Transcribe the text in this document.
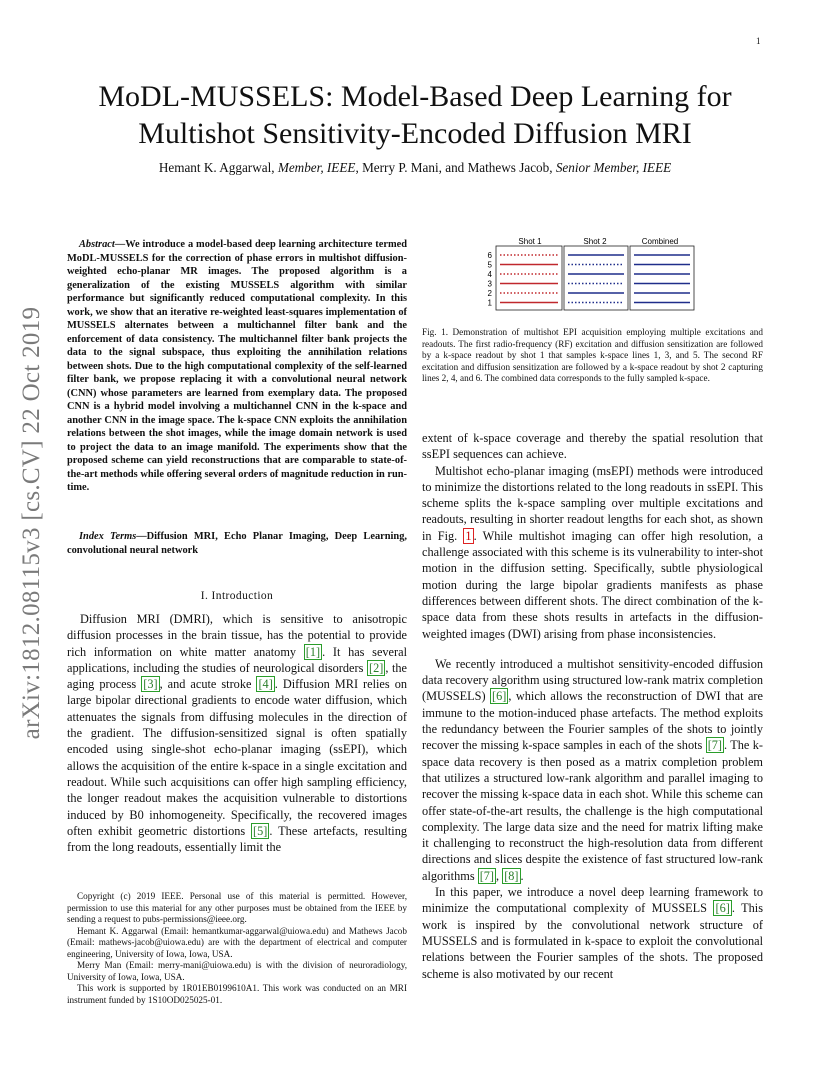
1
arXiv:1812.08115v3 [cs.CV] 22 Oct 2019
MoDL-MUSSELS: Model-Based Deep Learning for Multishot Sensitivity-Encoded Diffusion MRI
Hemant K. Aggarwal, Member, IEEE, Merry P. Mani, and Mathews Jacob, Senior Member, IEEE
Abstract—We introduce a model-based deep learning architecture termed MoDL-MUSSELS for the correction of phase errors in multishot diffusion-weighted echo-planar MR images. The proposed algorithm is a generalization of the existing MUSSELS algorithm with similar performance but significantly reduced computational complexity. In this work, we show that an iterative re-weighted least-squares implementation of MUSSELS alternates between a multichannel filter bank and the enforcement of data consistency. The multichannel filter bank projects the data to the signal subspace, thus exploiting the annihilation relations between shots. Due to the high computational complexity of the self-learned filter bank, we propose replacing it with a convolutional neural network (CNN) whose parameters are learned from exemplary data. The proposed CNN is a hybrid model involving a multichannel CNN in the k-space and another CNN in the image space. The k-space CNN exploits the annihilation relations between the shot images, while the image domain network is used to project the data to an image manifold. The experiments show that the proposed scheme can yield reconstructions that are comparable to state-of-the-art methods while offering several orders of magnitude reduction in run-time.
Index Terms—Diffusion MRI, Echo Planar Imaging, Deep Learning, convolutional neural network
I. Introduction

Diffusion MRI (DMRI), which is sensitive to anisotropic diffusion processes in the brain tissue, has the potential to provide rich information on white matter anatomy [1] . It has several applications, including the studies of neurological disorders [2] , the aging process [3] , and acute stroke [4] . Diffusion MRI relies on large bipolar directional gradients to encode water diffusion, which attenuates the signals from diffusing molecules in the direction of the gradient. The diffusion-sensitized signal is often spatially encoded using single-shot echo-planar imaging (ssEPI), which allows the acquisition of the entire k-space in a single excitation and readout. While such acquisitions can offer high sampling efficiency, the longer readout makes the acquisition vulnerable to distortions induced by B0 inhomogeneity. Specifically, the recovered images often exhibit geometric distortions [5] . These artefacts, resulting from the long readouts, essentially limit the

Copyright (c) 2019 IEEE. Personal use of this material is permitted. However, permission to use this material for any other purposes must be obtained from the IEEE by sending a request to pubs-permissions@ieee.org.

Hemant K. Aggarwal (Email: hemantkumar-aggarwal@uiowa.edu) and Mathews Jacob (Email: mathews-jacob@uiowa.edu) are with the department of electrical and computer engineering, University of Iowa, Iowa, USA.

Merry Man (Email: merry-mani@uiowa.edu) is with the division of neuroradiology, University of Iowa, Iowa, USA.

This work is supported by 1R01EB0199610A1. This work was conducted on an MRI instrument funded by 1S10OD025025-01.

Shot 1	Shot 2	Combined
6
5
4
3
2
1
Fig. 1. Demonstration of multishot EPI acquisition employing multiple excitations and readouts. The first radio-frequency (RF) excitation and diffusion sensitization are followed by a k-space readout by shot 1 that samples k-space lines 1, 3, and 5. The second RF excitation and diffusion sensitization are followed by a k-space readout by shot 2 capturing lines 2, 4, and 6. The combined data corresponds to the fully sampled k-space.

extent of k-space coverage and thereby the spatial resolution that ssEPI sequences can achieve.

Multishot echo-planar imaging (msEPI) methods were introduced to minimize the distortions related to the long readouts in ssEPI. This scheme splits the k-space sampling over multiple excitations and readouts, resulting in shorter readout lengths for each shot, as shown in Fig. 1 . While multishot imaging can offer high resolution, a challenge associated with this scheme is its vulnerability to inter-shot motion in the diffusion setting. Specifically, subtle physiological motion during the large bipolar gradients manifests as phase differences between different shots. The direct combination of the k-space data from these shots results in artefacts in the diffusion-weighted images (DWI) arising from phase inconsistencies.

We recently introduced a multishot sensitivity-encoded diffusion data recovery algorithm using structured low-rank matrix completion (MUSSELS) [6] , which allows the reconstruction of DWI that are immune to the motion-induced phase artefacts. The method exploits the redundancy between the Fourier samples of the shots to jointly recover the missing k-space samples in each of the shots [7] . The k-space data recovery is then posed as a matrix completion problem that utilizes a structured low-rank algorithm and parallel imaging to recover the missing k-space data in each shot. While this scheme can offer state-of-the-art results, the challenge is the high computational complexity. The large data size and the need for matrix lifting make it challenging to reconstruct the high-resolution data from different directions and slices despite the existence of fast structured low-rank algorithms [7] , [8] .

In this paper, we introduce a novel deep learning framework to minimize the computational complexity of MUSSELS [6] . This work is inspired by the convolutional network structure of MUSSELS and is formulated in k-space to exploit the convolutional relations between the Fourier samples of the shots. The proposed scheme is also motivated by our recent
